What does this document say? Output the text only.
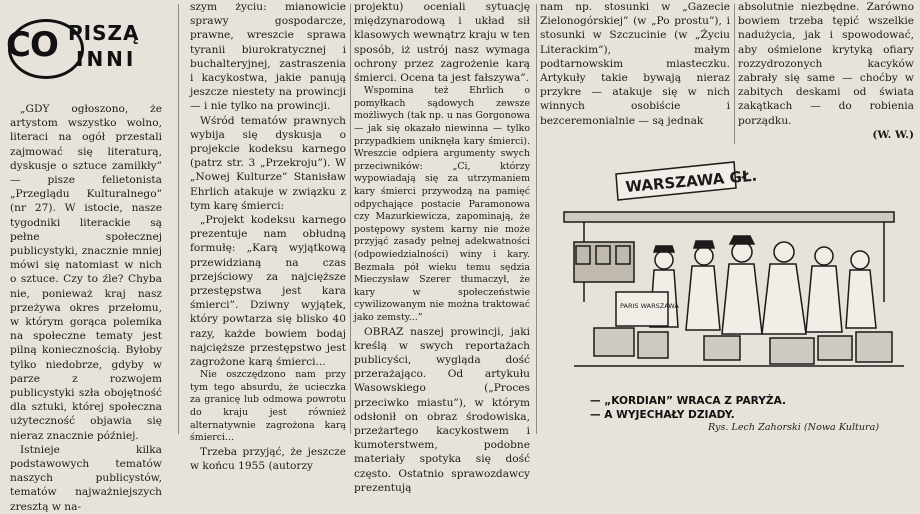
CO PISZĄ
INNI

„GDY ogłoszono, że artystom wszystko wolno, literaci na ogół przestali zajmować się literaturą, dyskusje o sztuce zamilkły” — pisze felietonista „Przeglądu Kulturalnego” (nr 27). W istocie, nasze tygodniki literackie są pełne społecznej publicystyki, znacznie mniej mówi się natomiast w nich o sztuce. Czy to źle? Chyba nie, ponieważ kraj nasz przeżywa okres przełomu, w którym gorąca polemika na społeczne tematy jest pilną koniecznością. Byłoby tylko niedobrze, gdyby w parze z rozwojem publicystyki szła obojętność dla sztuki, której społeczna użyteczność objawia się nieraz znacznie później.

Istnieje kilka podstawowych tematów naszych publicystów, tematów najważniejszych zresztą w na-

szym życiu: mianowicie sprawy gospodarcze, prawne, wreszcie sprawa tyranii biurokratycznej i buchalteryjnej, zastraszenia i kacykostwa, jakie panują jeszcze niestety na prowincji — i nie tylko na prowincji.

Wśród tematów prawnych wybija się dyskusja o projekcie kodeksu karnego (patrz str. 3 „Przekroju”). W „Nowej Kulturze” Stanisław Ehrlich atakuje w związku z tym karę śmierci:

„Projekt kodeksu karnego prezentuje nam obłudną formułę: „Karą wyjątkową przewidzianą na czas przejściowy za najcięższe przestępstwa jest kara śmierci”. Dziwny wyjątek, który powtarza się blisko 40 razy, każde bowiem bodaj najcięższe przestępstwo jest zagrożone karą śmierci...

Nie oszczędzono nam przy tym tego absurdu, że ucieczka za granicę lub odmowa powrotu do kraju jest również alternatywnie zagrożona karą śmierci...

Trzeba przyjąć, że jeszcze w końcu 1955 (autorzy

projektu) oceniali sytuację międzynarodową i układ sił klasowych wewnątrz kraju w ten sposób, iż ustrój nasz wymaga ochrony przez zagrożenie karą śmierci. Ocena ta jest fałszywa”.

Wspomina też Ehrlich o pomyłkach sądowych zewsze możliwych (tak np. u nas Gorgonowa — jak się okazało niewinna — tylko przypadkiem uniknęła kary śmierci). Wreszcie odpiera argumenty swych przeciwników: „Ci, którzy wypowiadają się za utrzymaniem kary śmierci przywodzą na pamięć odpychające postacie Paramonowa czy Mazurkiewicza, zapominają, że postępowy system karny nie może przyjąć zasady pełnej adekwatności (odpowiedzialności) winy i kary. Bezmała pół wieku temu sędzia Mieczysław Szerer tłumaczył, że kary w społeczeństwie cywilizowanym nie można traktować jako zemsty...”

OBRAZ naszej prowincji, jaki kreślą w swych reportażach publicyści, wygląda dość przerażająco. Od artykułu Wasowskiego („Proces przeciwko miastu”), w którym odsłonił on obraz środowiska, przeżartego kacykostwem i kumoterstwem, podobne materiały spotyka się dość często. Ostatnio sprawozdawcy prezentują

nam np. stosunki w „Gazecie Zielonogórskiej” (w „Po prostu”), i stosunki w Szczucinie (w „Życiu Literackim”), małym podtarnowskim miasteczku. Artykuły takie bywają nieraz przykre — atakuje się w nich winnych osobiście i bezceremonialnie — są jednak

absolutnie niezbędne. Zarówno bowiem trzeba tępić wszelkie nadużycia, jak i spowodować, aby ośmielone krytyką ofiary rozzydrozonych kacyków zabrały się same — choćby w zabitych deskami od świata zakątkach — do robienia porządku.

(W. W.)

WARSZAWA GŁ.
PARIS WARSZAWA
— „KORDIAN” WRACA Z PARYŻA.
— A WYJECHAŁY DZIADY.
Rys. Lech Zahorski (Nowa Kultura)
